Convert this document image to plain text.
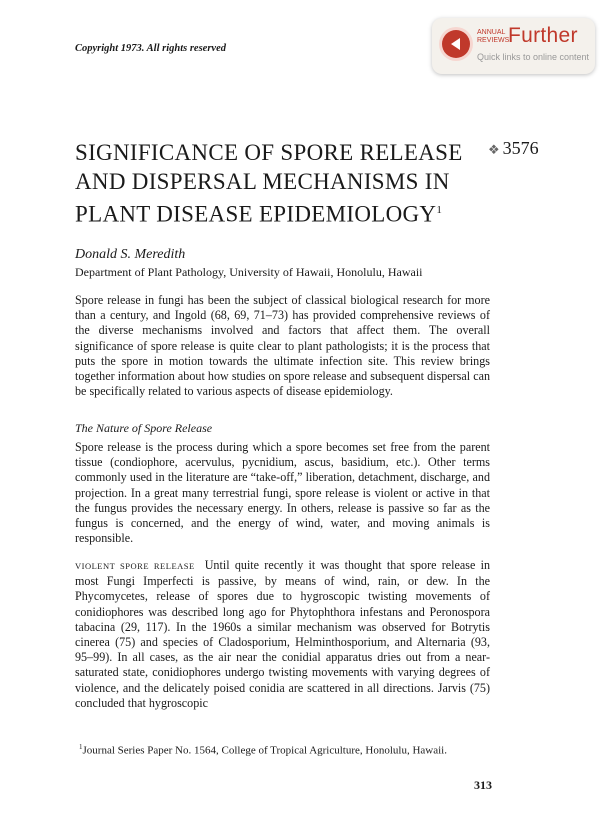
Copyright 1973. All rights reserved
ANNUAL REVIEWS
Further
Quick links to online content
SIGNIFICANCE OF SPORE RELEASE AND DISPERSAL MECHANISMS IN PLANT DISEASE EPIDEMIOLOGY$^1$
❖ 3576
Donald S. Meredith
Department of Plant Pathology, University of Hawaii, Honolulu, Hawaii
Spore release in fungi has been the subject of classical biological research for more than a century, and Ingold (68, 69, 71–73) has provided comprehensive reviews of the diverse mechanisms involved and factors that affect them. The overall significance of spore release is quite clear to plant pathologists; it is the process that puts the spore in motion towards the ultimate infection site. This review brings together information about how studies on spore release and subsequent dispersal can be specifically related to various aspects of disease epidemiology.
The Nature of Spore Release
Spore release is the process during which a spore becomes set free from the parent tissue (condiophore, acervulus, pycnidium, ascus, basidium, etc.). Other terms commonly used in the literature are “take-off,” liberation, detachment, discharge, and projection. In a great many terrestrial fungi, spore release is violent or active in that the fungus provides the necessary energy. In others, release is passive so far as the fungus is concerned, and the energy of wind, water, and moving animals is responsible.
VIOLENT SPORE RELEASE Until quite recently it was thought that spore release in most Fungi Imperfecti is passive, by means of wind, rain, or dew. In the Phycomycetes, release of spores due to hygroscopic twisting movements of conidiophores was described long ago for Phytophthora infestans and Peronospora tabacina (29, 117). In the 1960s a similar mechanism was observed for Botrytis cinerea (75) and species of Cladosporium, Helminthosporium, and Alternaria (93, 95–99). In all cases, as the air near the conidial apparatus dries out from a near-saturated state, conidiophores undergo twisting movements with varying degrees of violence, and the delicately poised conidia are scattered in all directions. Jarvis (75) concluded that hygroscopic
$^1$Journal Series Paper No. 1564, College of Tropical Agriculture, Honolulu, Hawaii.
313
